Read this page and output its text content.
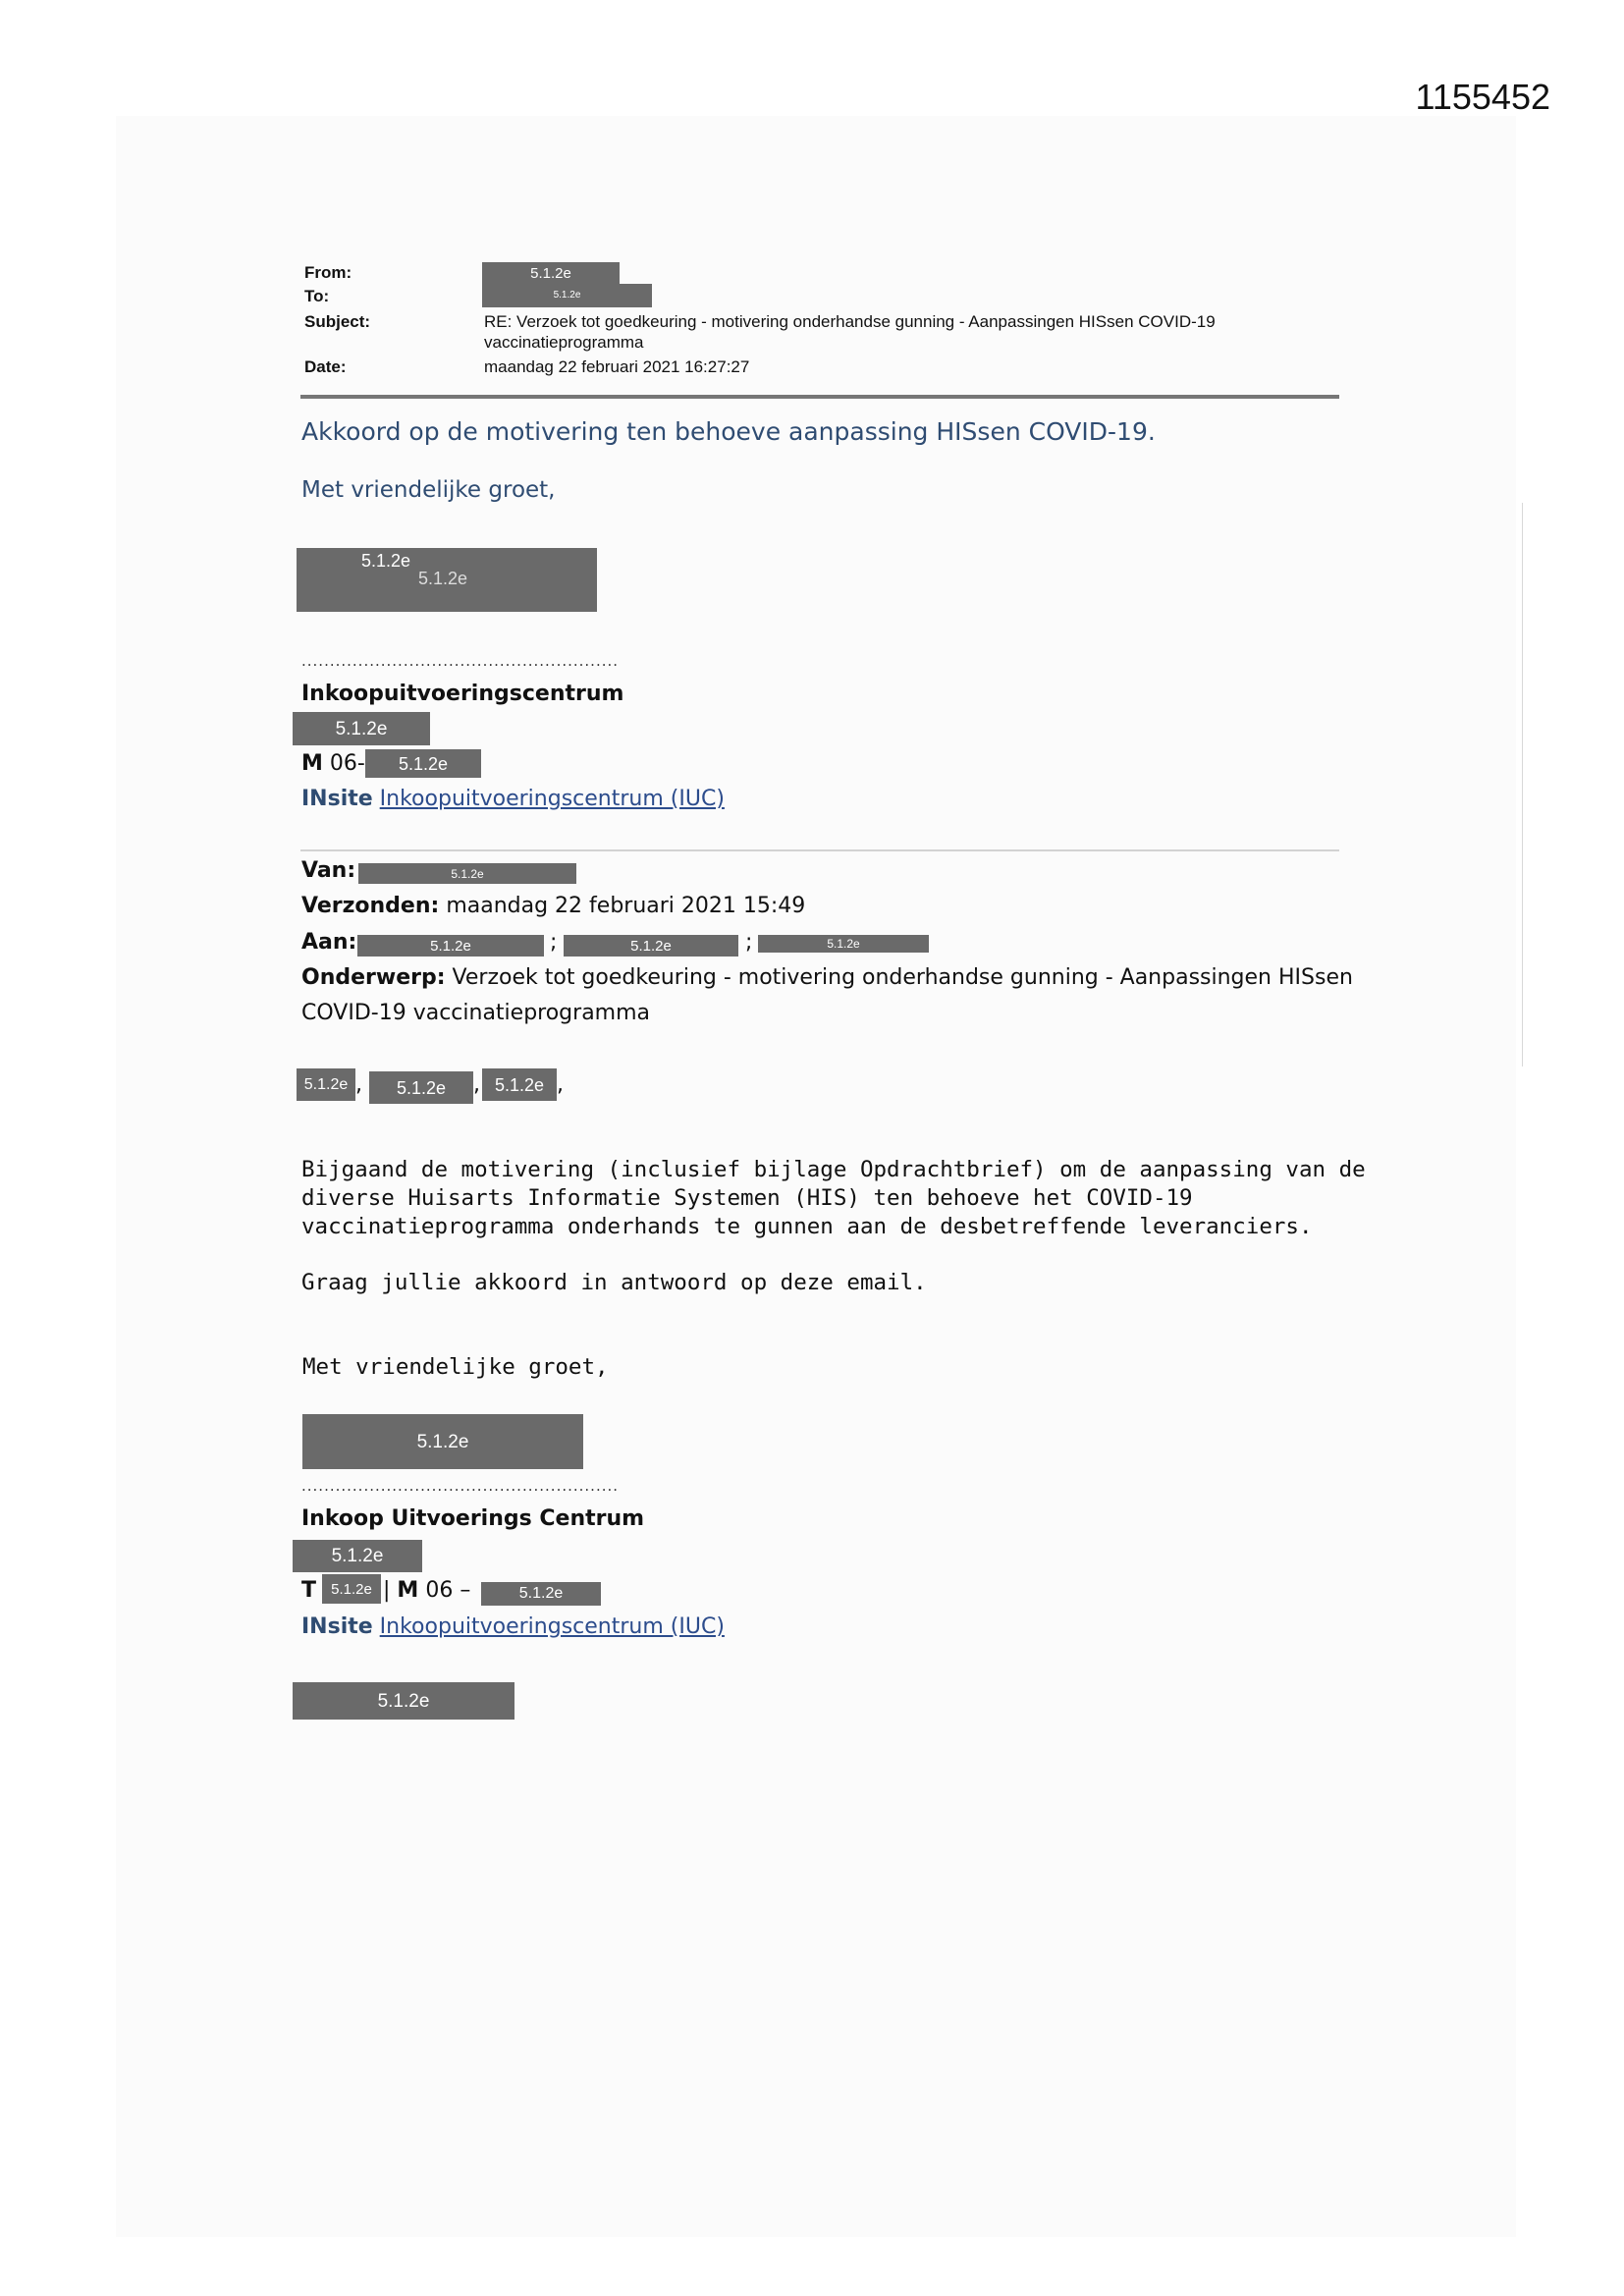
1155452
From:	5.1.2e
To:	5.1.2e
Subject:	RE: Verzoek tot goedkeuring - motivering onderhandse gunning - Aanpassingen HISsen COVID-19
vaccinatieprogramma
Date:	maandag 22 februari 2021 16:27:27
Akkoord op de motivering ten behoeve aanpassing HISsen COVID-19.
Met vriendelijke groet,
5.1.2e
5.1.2e
........................................................
Inkoopuitvoeringscentrum
5.1.2e
M 06-	5.1.2e
INsite Inkoopuitvoeringscentrum (IUC)
Van:	5.1.2e
Verzonden: maandag 22 februari 2021 15:49
Aan:	5.1.2e	;	5.1.2e	;	5.1.2e
Onderwerp: Verzoek tot goedkeuring - motivering onderhandse gunning - Aanpassingen HISsen
COVID-19 vaccinatieprogramma
5.1.2e ,	5.1.2e	, 5.1.2e ,
Bijgaand de motivering (inclusief bijlage Opdrachtbrief) om de aanpassing van de
diverse Huisarts Informatie Systemen (HIS) ten behoeve het COVID-19
vaccinatieprogramma onderhands te gunnen aan de desbetreffende leveranciers.
Graag jullie akkoord in antwoord op deze email.
Met vriendelijke groet,
5.1.2e
........................................................
Inkoop Uitvoerings Centrum
5.1.2e
T	5.1.2e | M 06 –	5.1.2e
INsite Inkoopuitvoeringscentrum (IUC)
5.1.2e
